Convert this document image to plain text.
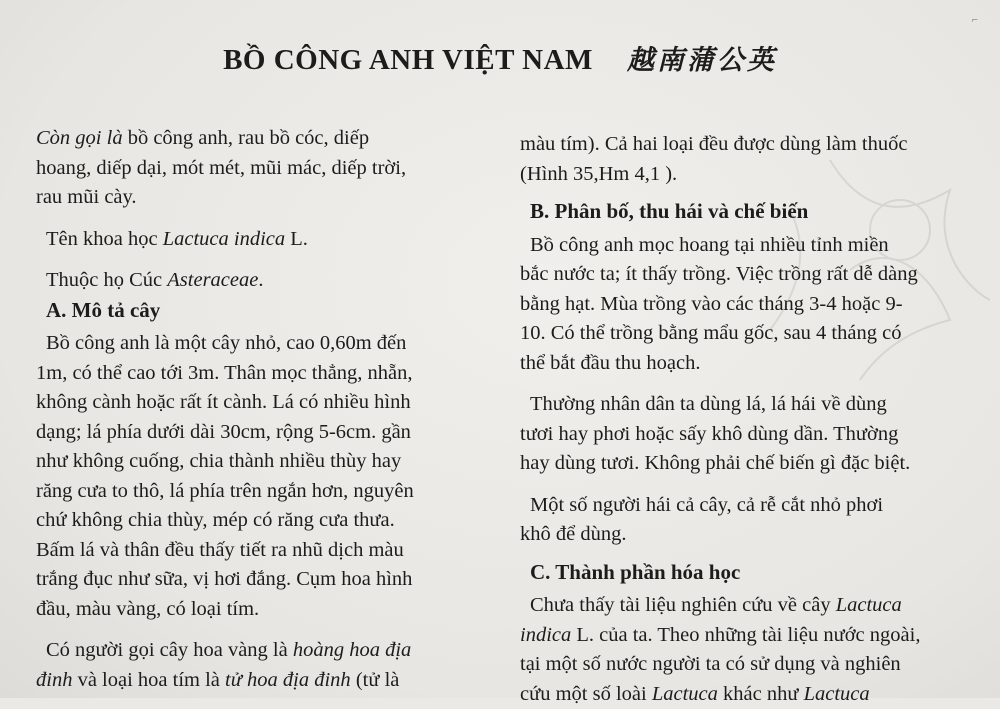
⌐
BỒ CÔNG ANH VIỆT NAM 越南蒲公英
Còn gọi là bồ công anh, rau bồ cóc, diếp
hoang, diếp dại, mót mét, mũi mác, diếp trời,
rau mũi cày.
Tên khoa học Lactuca indica L.
Thuộc họ Cúc Asteraceae.
A. Mô tả cây
Bồ công anh là một cây nhỏ, cao 0,60m đến
1m, có thể cao tới 3m. Thân mọc thẳng, nhẵn,
không cành hoặc rất ít cành. Lá có nhiều hình
dạng; lá phía dưới dài 30cm, rộng 5-6cm. gần
như không cuống, chia thành nhiều thùy hay
răng cưa to thô, lá phía trên ngắn hơn, nguyên
chứ không chia thùy, mép có răng cưa thưa.
Bấm lá và thân đều thấy tiết ra nhũ dịch màu
trắng đục như sữa, vị hơi đắng. Cụm hoa hình
đầu, màu vàng, có loại tím.
Có người gọi cây hoa vàng là hoàng hoa địa
đinh và loại hoa tím là tử hoa địa đinh (tử là
màu tím). Cả hai loại đều được dùng làm thuốc
(Hình 35,Hm 4,1 ).
B. Phân bố, thu hái và chế biến
Bồ công anh mọc hoang tại nhiều tỉnh miền
bắc nước ta; ít thấy trồng. Việc trồng rất dễ dàng
bằng hạt. Mùa trồng vào các tháng 3-4 hoặc 9-
10. Có thể trồng bằng mẩu gốc, sau 4 tháng có
thể bắt đầu thu hoạch.
Thường nhân dân ta dùng lá, lá hái về dùng
tươi hay phơi hoặc sấy khô dùng dần. Thường
hay dùng tươi. Không phải chế biến gì đặc biệt.
Một số người hái cả cây, cả rễ cắt nhỏ phơi
khô để dùng.
C. Thành phần hóa học
Chưa thấy tài liệu nghiên cứu về cây Lactuca
indica L. của ta. Theo những tài liệu nước ngoài,
tại một số nước người ta có sử dụng và nghiên
cứu một số loài Lactuca khác như Lactuca
